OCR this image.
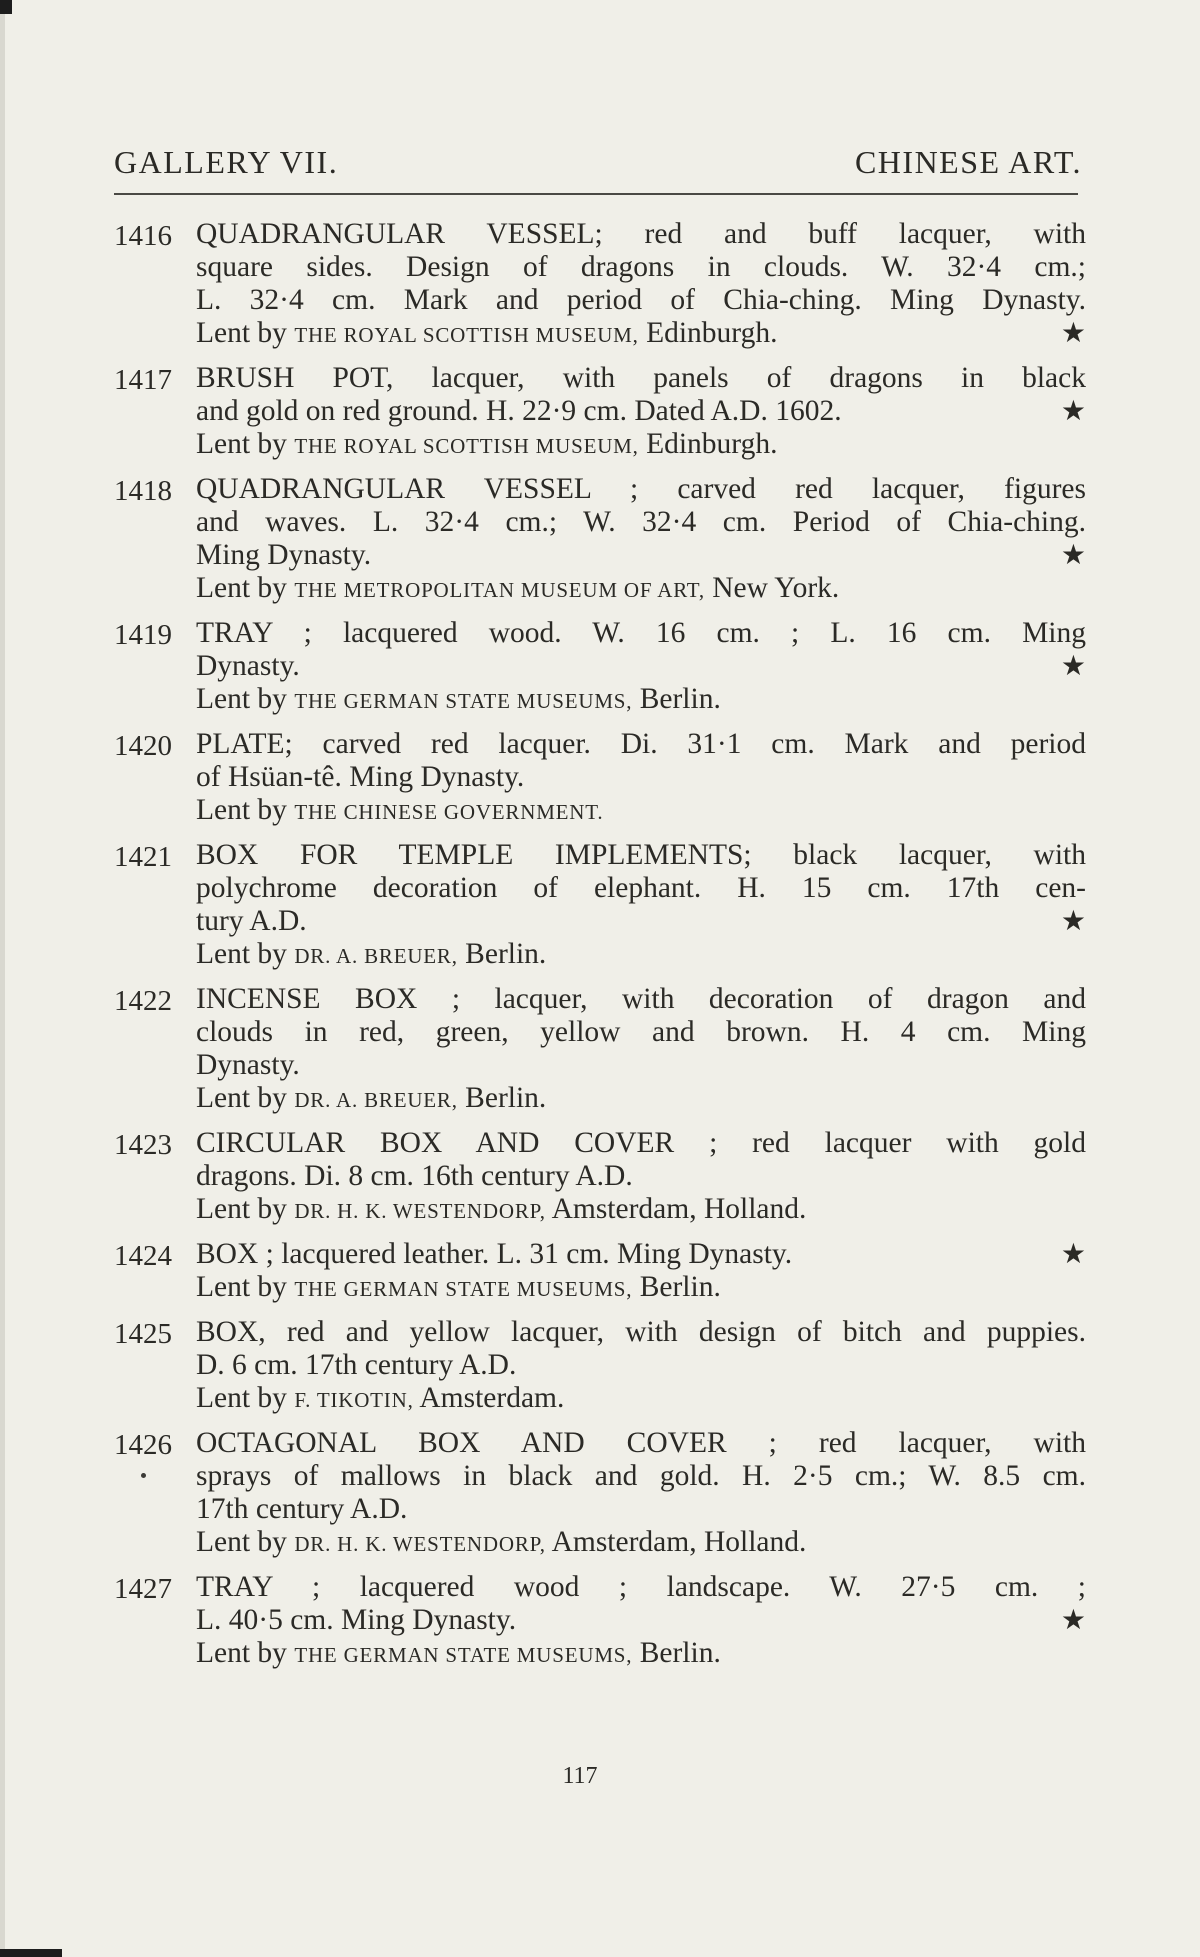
GALLERY VII.	CHINESE ART.
1416 QUADRANGULAR VESSEL; red and buff lacquer, with
square sides. Design of dragons in clouds. W. 32·4 cm.;
L. 32·4 cm. Mark and period of Chia-ching. Ming Dynasty.
Lent by THE ROYAL SCOTTISH MUSEUM, Edinburgh.	★
1417 BRUSH POT, lacquer, with panels of dragons in black
and gold on red ground. H. 22·9 cm. Dated A.D. 1602.	★
Lent by THE ROYAL SCOTTISH MUSEUM, Edinburgh.
1418 QUADRANGULAR VESSEL ; carved red lacquer, figures
and waves. L. 32·4 cm.; W. 32·4 cm. Period of Chia-ching.
Ming Dynasty.	★
Lent by THE METROPOLITAN MUSEUM OF ART, New York.
1419 TRAY ; lacquered wood. W. 16 cm. ; L. 16 cm. Ming
Dynasty.	★
Lent by THE GERMAN STATE MUSEUMS, Berlin.
1420 PLATE; carved red lacquer. Di. 31·1 cm. Mark and period
of Hsüan-tê. Ming Dynasty.
Lent by THE CHINESE GOVERNMENT.
1421 BOX FOR TEMPLE IMPLEMENTS; black lacquer, with
polychrome decoration of elephant. H. 15 cm. 17th cen-
tury A.D.	★
Lent by DR. A. BREUER, Berlin.
1422 INCENSE BOX ; lacquer, with decoration of dragon and
clouds in red, green, yellow and brown. H. 4 cm. Ming
Dynasty.
Lent by DR. A. BREUER, Berlin.
1423 CIRCULAR BOX AND COVER ; red lacquer with gold
dragons. Di. 8 cm. 16th century A.D.
Lent by DR. H. K. WESTENDORP, Amsterdam, Holland.
1424 BOX ; lacquered leather. L. 31 cm. Ming Dynasty.	★
Lent by THE GERMAN STATE MUSEUMS, Berlin.
1425 BOX, red and yellow lacquer, with design of bitch and puppies.
D. 6 cm. 17th century A.D.
Lent by F. TIKOTIN, Amsterdam.
1426 OCTAGONAL BOX AND COVER ; red lacquer, with
sprays of mallows in black and gold. H. 2·5 cm.; W. 8.5 cm.
17th century A.D.
Lent by DR. H. K. WESTENDORP, Amsterdam, Holland.
1427 TRAY ; lacquered wood ; landscape. W. 27·5 cm. ;
L. 40·5 cm. Ming Dynasty.	★
Lent by THE GERMAN STATE MUSEUMS, Berlin.
117
